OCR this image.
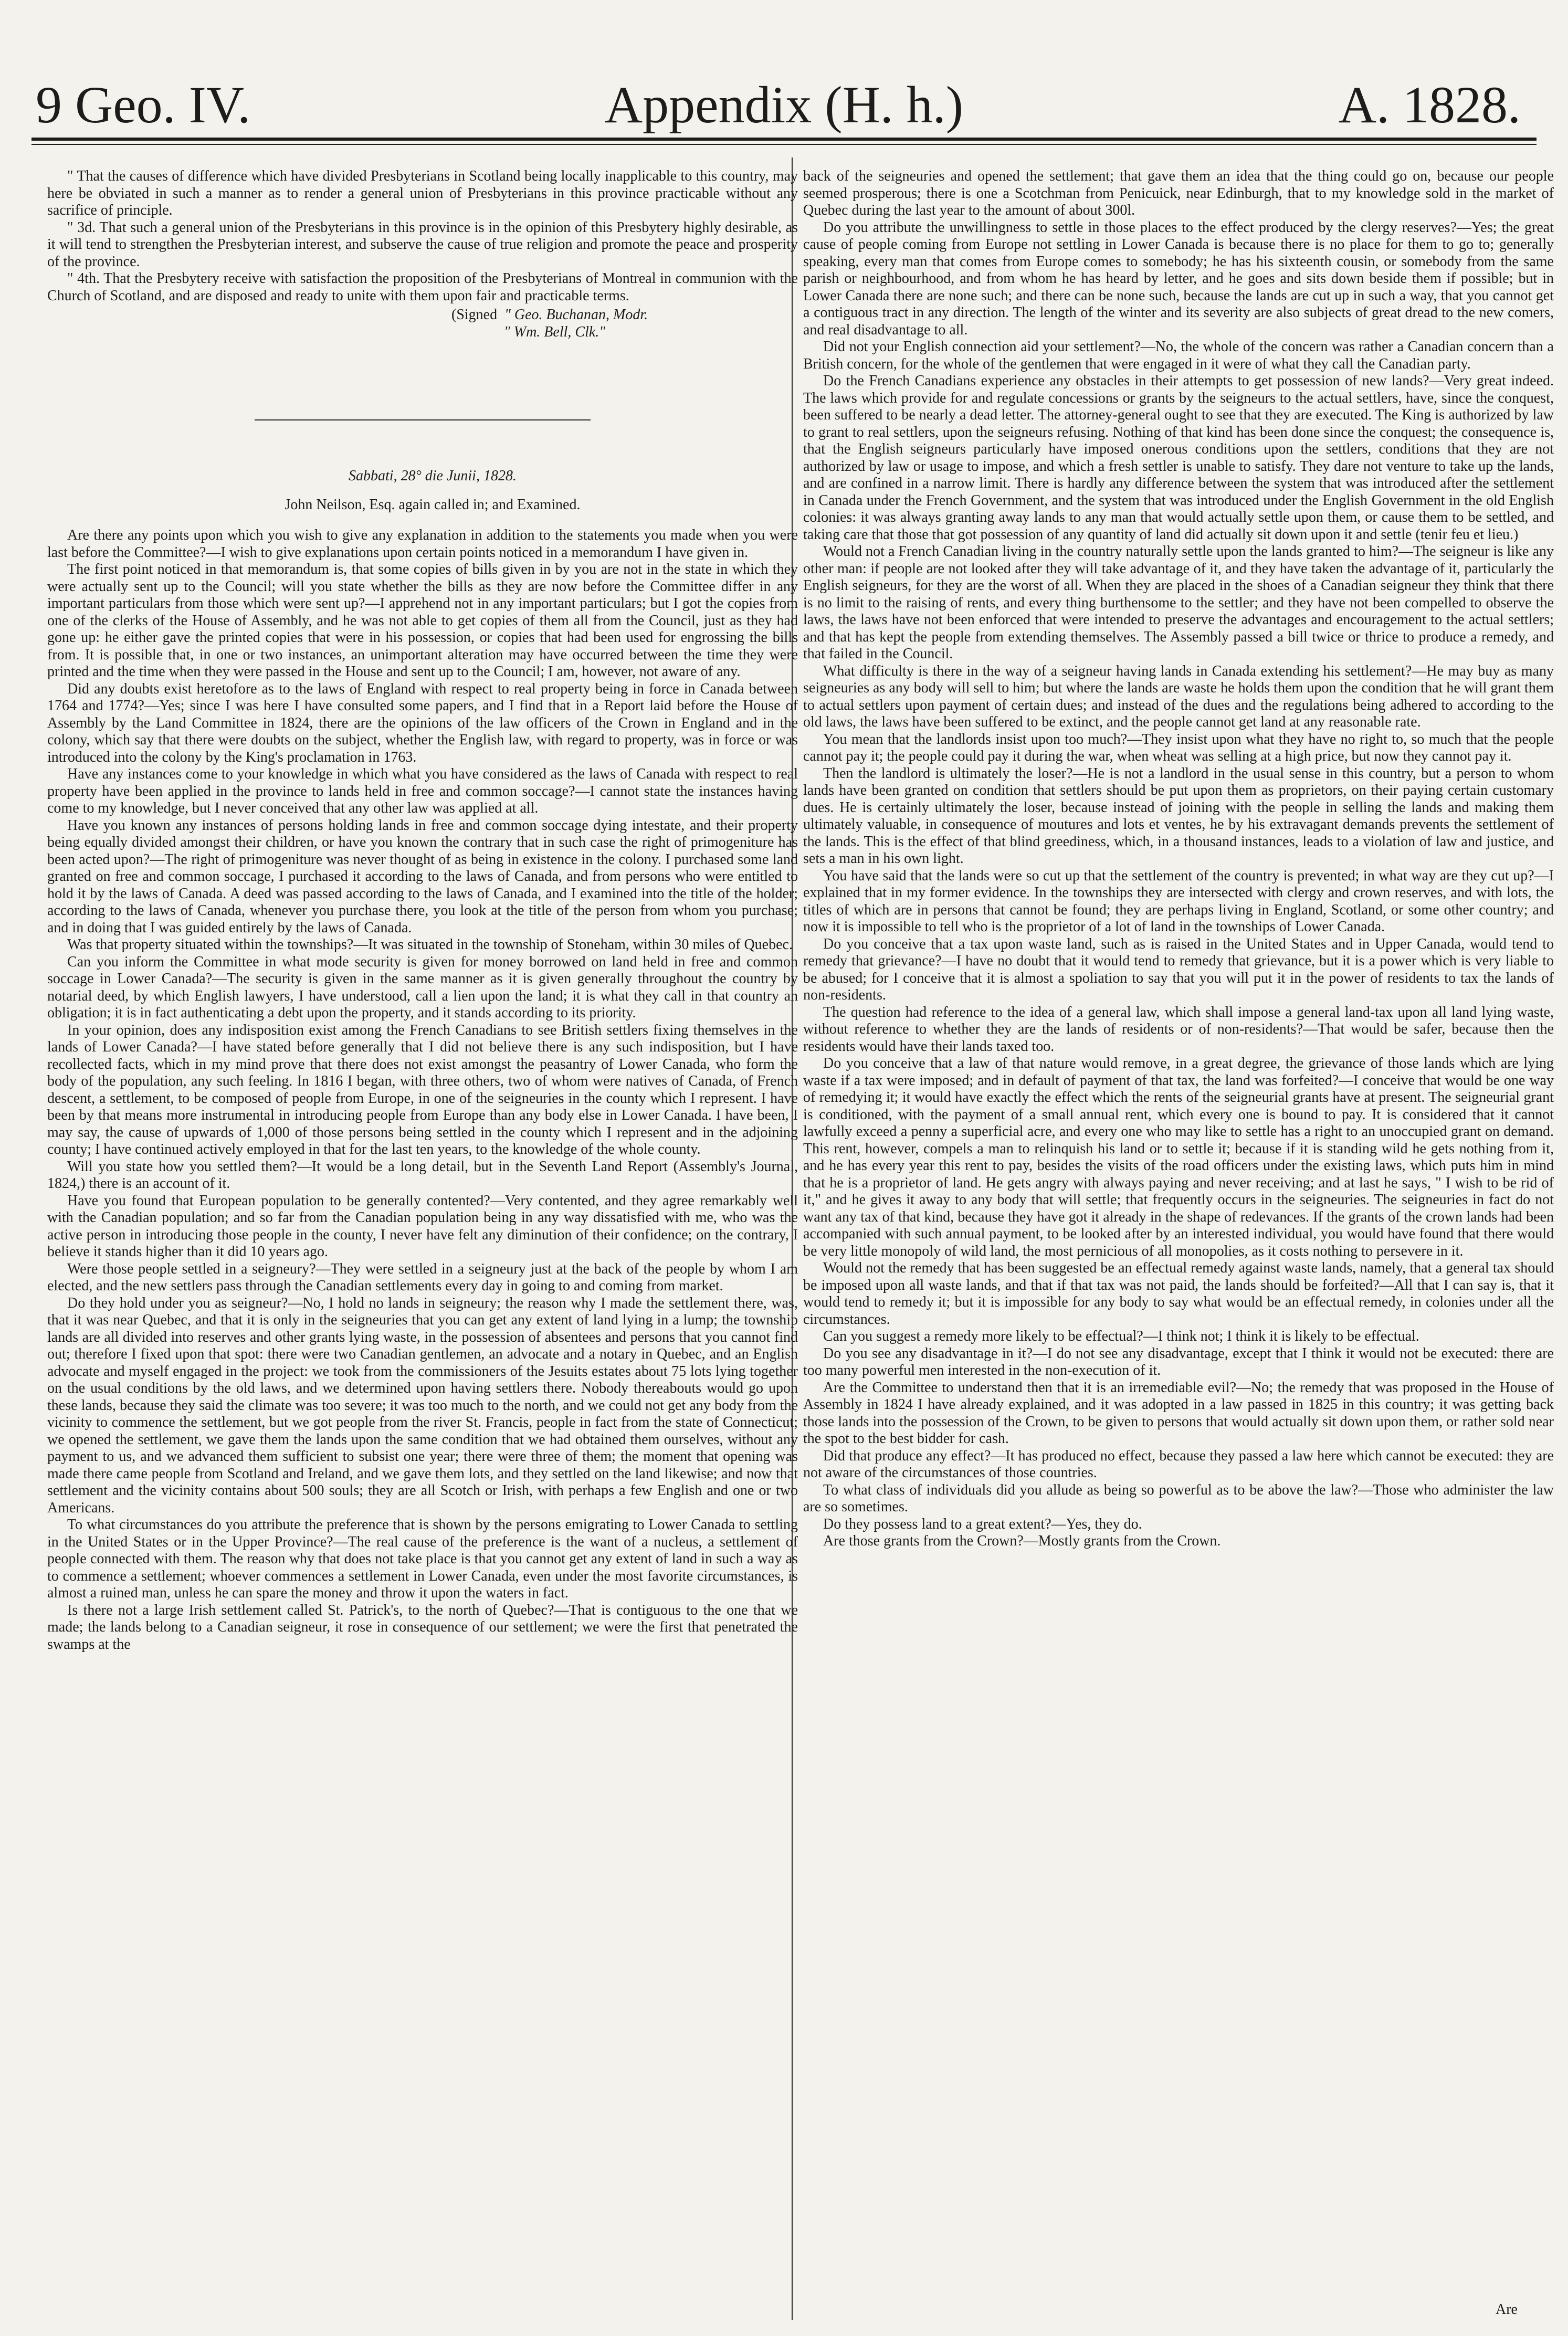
9 Geo. IV.	Appendix (H. h.)	A. 1828.

" That the causes of difference which have divided Presbyterians in Scotland being locally inapplicable to this country, may here be obviated in such a manner as to render a general union of Presbyterians in this province practicable without any sacrifice of principle.

" 3d. That such a general union of the Presbyterians in this province is in the opinion of this Presbytery highly desirable, as it will tend to strengthen the Presbyterian interest, and subserve the cause of true religion and promote the peace and prosperity of the province.

" 4th. That the Presbytery receive with satisfaction the proposition of the Presbyterians of Montreal in communion with the Church of Scotland, and are disposed and ready to unite with them upon fair and practicable terms.

(Signed " Geo. Buchanan, Modr.
" Wm. Bell, Clk."

Sabbati, 28° die Junii, 1828.

John Neilson, Esq. again called in; and Examined.

Are there any points upon which you wish to give any explanation in addition to the statements you made when you were last before the Committee?—I wish to give explanations upon certain points noticed in a memorandum I have given in.

The first point noticed in that memorandum is, that some copies of bills given in by you are not in the state in which they were actually sent up to the Council; will you state whether the bills as they are now before the Committee differ in any important particulars from those which were sent up?—I apprehend not in any important particulars; but I got the copies from one of the clerks of the House of Assembly, and he was not able to get copies of them all from the Council, just as they had gone up: he either gave the printed copies that were in his possession, or copies that had been used for engrossing the bills from. It is possible that, in one or two instances, an unimportant alteration may have occurred between the time they were printed and the time when they were passed in the House and sent up to the Council; I am, however, not aware of any.

Did any doubts exist heretofore as to the laws of England with respect to real property being in force in Canada between 1764 and 1774?—Yes; since I was here I have consulted some papers, and I find that in a Report laid before the House of Assembly by the Land Committee in 1824, there are the opinions of the law officers of the Crown in England and in the colony, which say that there were doubts on the subject, whether the English law, with regard to property, was in force or was introduced into the colony by the King's proclamation in 1763.

Have any instances come to your knowledge in which what you have considered as the laws of Canada with respect to real property have been applied in the province to lands held in free and common soccage?—I cannot state the instances having come to my knowledge, but I never conceived that any other law was applied at all.

Have you known any instances of persons holding lands in free and common soccage dying intestate, and their property being equally divided amongst their children, or have you known the contrary that in such case the right of primogeniture has been acted upon?—The right of primogeniture was never thought of as being in existence in the colony. I purchased some land granted on free and common soccage, I purchased it according to the laws of Canada, and from persons who were entitled to hold it by the laws of Canada. A deed was passed according to the laws of Canada, and I examined into the title of the holder; according to the laws of Canada, whenever you purchase there, you look at the title of the person from whom you purchase; and in doing that I was guided entirely by the laws of Canada.

Was that property situated within the townships?—It was situated in the township of Stoneham, within 30 miles of Quebec.

Can you inform the Committee in what mode security is given for money borrowed on land held in free and common soccage in Lower Canada?—The security is given in the same manner as it is given generally throughout the country by notarial deed, by which English lawyers, I have understood, call a lien upon the land; it is what they call in that country an obligation; it is in fact authenticating a debt upon the property, and it stands according to its priority.

In your opinion, does any indisposition exist among the French Canadians to see British settlers fixing themselves in the lands of Lower Canada?—I have stated before generally that I did not believe there is any such indisposition, but I have recollected facts, which in my mind prove that there does not exist amongst the peasantry of Lower Canada, who form the body of the population, any such feeling. In 1816 I began, with three others, two of whom were natives of Canada, of French descent, a settlement, to be composed of people from Europe, in one of the seigneuries in the county which I represent. I have been by that means more instrumental in introducing people from Europe than any body else in Lower Canada. I have been, I may say, the cause of upwards of 1,000 of those persons being settled in the county which I represent and in the adjoining county; I have continued actively employed in that for the last ten years, to the knowledge of the whole county.

Will you state how you settled them?—It would be a long detail, but in the Seventh Land Report (Assembly's Journal, 1824,) there is an account of it.

Have you found that European population to be generally contented?—Very contented, and they agree remarkably well with the Canadian population; and so far from the Canadian population being in any way dissatisfied with me, who was the active person in introducing those people in the county, I never have felt any diminution of their confidence; on the contrary, I believe it stands higher than it did 10 years ago.

Were those people settled in a seigneury?—They were settled in a seigneury just at the back of the people by whom I am elected, and the new settlers pass through the Canadian settlements every day in going to and coming from market.

Do they hold under you as seigneur?—No, I hold no lands in seigneury; the reason why I made the settlement there, was, that it was near Quebec, and that it is only in the seigneuries that you can get any extent of land lying in a lump; the township lands are all divided into reserves and other grants lying waste, in the possession of absentees and persons that you cannot find out; therefore I fixed upon that spot: there were two Canadian gentlemen, an advocate and a notary in Quebec, and an English advocate and myself engaged in the project: we took from the commissioners of the Jesuits estates about 75 lots lying together on the usual conditions by the old laws, and we determined upon having settlers there. Nobody thereabouts would go upon these lands, because they said the climate was too severe; it was too much to the north, and we could not get any body from the vicinity to commence the settlement, but we got people from the river St. Francis, people in fact from the state of Connecticut; we opened the settlement, we gave them the lands upon the same condition that we had obtained them ourselves, without any payment to us, and we advanced them sufficient to subsist one year; there were three of them; the moment that opening was made there came people from Scotland and Ireland, and we gave them lots, and they settled on the land likewise; and now that settlement and the vicinity contains about 500 souls; they are all Scotch or Irish, with perhaps a few English and one or two Americans.

To what circumstances do you attribute the preference that is shown by the persons emigrating to Lower Canada to settling in the United States or in the Upper Province?—The real cause of the preference is the want of a nucleus, a settlement of people connected with them. The reason why that does not take place is that you cannot get any extent of land in such a way as to commence a settlement; whoever commences a settlement in Lower Canada, even under the most favorite circumstances, is almost a ruined man, unless he can spare the money and throw it upon the waters in fact.

Is there not a large Irish settlement called St. Patrick's, to the north of Quebec?—That is contiguous to the one that we made; the lands belong to a Canadian seigneur, it rose in consequence of our settlement; we were the first that penetrated the swamps at the

back of the seigneuries and opened the settlement; that gave them an idea that the thing could go on, because our people seemed prosperous; there is one a Scotchman from Penicuick, near Edinburgh, that to my knowledge sold in the market of Quebec during the last year to the amount of about 300l.

Do you attribute the unwillingness to settle in those places to the effect produced by the clergy reserves?—Yes; the great cause of people coming from Europe not settling in Lower Canada is because there is no place for them to go to; generally speaking, every man that comes from Europe comes to somebody; he has his sixteenth cousin, or somebody from the same parish or neighbourhood, and from whom he has heard by letter, and he goes and sits down beside them if possible; but in Lower Canada there are none such; and there can be none such, because the lands are cut up in such a way, that you cannot get a contiguous tract in any direction. The length of the winter and its severity are also subjects of great dread to the new comers, and real disadvantage to all.

Did not your English connection aid your settlement?—No, the whole of the concern was rather a Canadian concern than a British concern, for the whole of the gentlemen that were engaged in it were of what they call the Canadian party.

Do the French Canadians experience any obstacles in their attempts to get possession of new lands?—Very great indeed. The laws which provide for and regulate concessions or grants by the seigneurs to the actual settlers, have, since the conquest, been suffered to be nearly a dead letter. The attorney-general ought to see that they are executed. The King is authorized by law to grant to real settlers, upon the seigneurs refusing. Nothing of that kind has been done since the conquest; the consequence is, that the English seigneurs particularly have imposed onerous conditions upon the settlers, conditions that they are not authorized by law or usage to impose, and which a fresh settler is unable to satisfy. They dare not venture to take up the lands, and are confined in a narrow limit. There is hardly any difference between the system that was introduced after the settlement in Canada under the French Government, and the system that was introduced under the English Government in the old English colonies: it was always granting away lands to any man that would actually settle upon them, or cause them to be settled, and taking care that those that got possession of any quantity of land did actually sit down upon it and settle (tenir feu et lieu.)

Would not a French Canadian living in the country naturally settle upon the lands granted to him?—The seigneur is like any other man: if people are not looked after they will take advantage of it, and they have taken the advantage of it, particularly the English seigneurs, for they are the worst of all. When they are placed in the shoes of a Canadian seigneur they think that there is no limit to the raising of rents, and every thing burthensome to the settler; and they have not been compelled to observe the laws, the laws have not been enforced that were intended to preserve the advantages and encouragement to the actual settlers; and that has kept the people from extending themselves. The Assembly passed a bill twice or thrice to produce a remedy, and that failed in the Council.

What difficulty is there in the way of a seigneur having lands in Canada extending his settlement?—He may buy as many seigneuries as any body will sell to him; but where the lands are waste he holds them upon the condition that he will grant them to actual settlers upon payment of certain dues; and instead of the dues and the regulations being adhered to according to the old laws, the laws have been suffered to be extinct, and the people cannot get land at any reasonable rate.

You mean that the landlords insist upon too much?—They insist upon what they have no right to, so much that the people cannot pay it; the people could pay it during the war, when wheat was selling at a high price, but now they cannot pay it.

Then the landlord is ultimately the loser?—He is not a landlord in the usual sense in this country, but a person to whom lands have been granted on condition that settlers should be put upon them as proprietors, on their paying certain customary dues. He is certainly ultimately the loser, because instead of joining with the people in selling the lands and making them ultimately valuable, in consequence of moutures and lots et ventes, he by his extravagant demands prevents the settlement of the lands. This is the effect of that blind greediness, which, in a thousand instances, leads to a violation of law and justice, and sets a man in his own light.

You have said that the lands were so cut up that the settlement of the country is prevented; in what way are they cut up?—I explained that in my former evidence. In the townships they are intersected with clergy and crown reserves, and with lots, the titles of which are in persons that cannot be found; they are perhaps living in England, Scotland, or some other country; and now it is impossible to tell who is the proprietor of a lot of land in the townships of Lower Canada.

Do you conceive that a tax upon waste land, such as is raised in the United States and in Upper Canada, would tend to remedy that grievance?—I have no doubt that it would tend to remedy that grievance, but it is a power which is very liable to be abused; for I conceive that it is almost a spoliation to say that you will put it in the power of residents to tax the lands of non-residents.

The question had reference to the idea of a general law, which shall impose a general land-tax upon all land lying waste, without reference to whether they are the lands of residents or of non-residents?—That would be safer, because then the residents would have their lands taxed too.

Do you conceive that a law of that nature would remove, in a great degree, the grievance of those lands which are lying waste if a tax were imposed; and in default of payment of that tax, the land was forfeited?—I conceive that would be one way of remedying it; it would have exactly the effect which the rents of the seigneurial grants have at present. The seigneurial grant is conditioned, with the payment of a small annual rent, which every one is bound to pay. It is considered that it cannot lawfully exceed a penny a superficial acre, and every one who may like to settle has a right to an unoccupied grant on demand. This rent, however, compels a man to relinquish his land or to settle it; because if it is standing wild he gets nothing from it, and he has every year this rent to pay, besides the visits of the road officers under the existing laws, which puts him in mind that he is a proprietor of land. He gets angry with always paying and never receiving; and at last he says, " I wish to be rid of it," and he gives it away to any body that will settle; that frequently occurs in the seigneuries. The seigneuries in fact do not want any tax of that kind, because they have got it already in the shape of redevances. If the grants of the crown lands had been accompanied with such annual payment, to be looked after by an interested individual, you would have found that there would be very little monopoly of wild land, the most pernicious of all monopolies, as it costs nothing to persevere in it.

Would not the remedy that has been suggested be an effectual remedy against waste lands, namely, that a general tax should be imposed upon all waste lands, and that if that tax was not paid, the lands should be forfeited?—All that I can say is, that it would tend to remedy it; but it is impossible for any body to say what would be an effectual remedy, in colonies under all the circumstances.

Can you suggest a remedy more likely to be effectual?—I think not; I think it is likely to be effectual.

Do you see any disadvantage in it?—I do not see any disadvantage, except that I think it would not be executed: there are too many powerful men interested in the non-execution of it.

Are the Committee to understand then that it is an irremediable evil?—No; the remedy that was proposed in the House of Assembly in 1824 I have already explained, and it was adopted in a law passed in 1825 in this country; it was getting back those lands into the possession of the Crown, to be given to persons that would actually sit down upon them, or rather sold near the spot to the best bidder for cash.

Did that produce any effect?—It has produced no effect, because they passed a law here which cannot be executed: they are not aware of the circumstances of those countries.

To what class of individuals did you allude as being so powerful as to be above the law?—Those who administer the law are so sometimes.

Do they possess land to a great extent?—Yes, they do.

Are those grants from the Crown?—Mostly grants from the Crown.

Are
